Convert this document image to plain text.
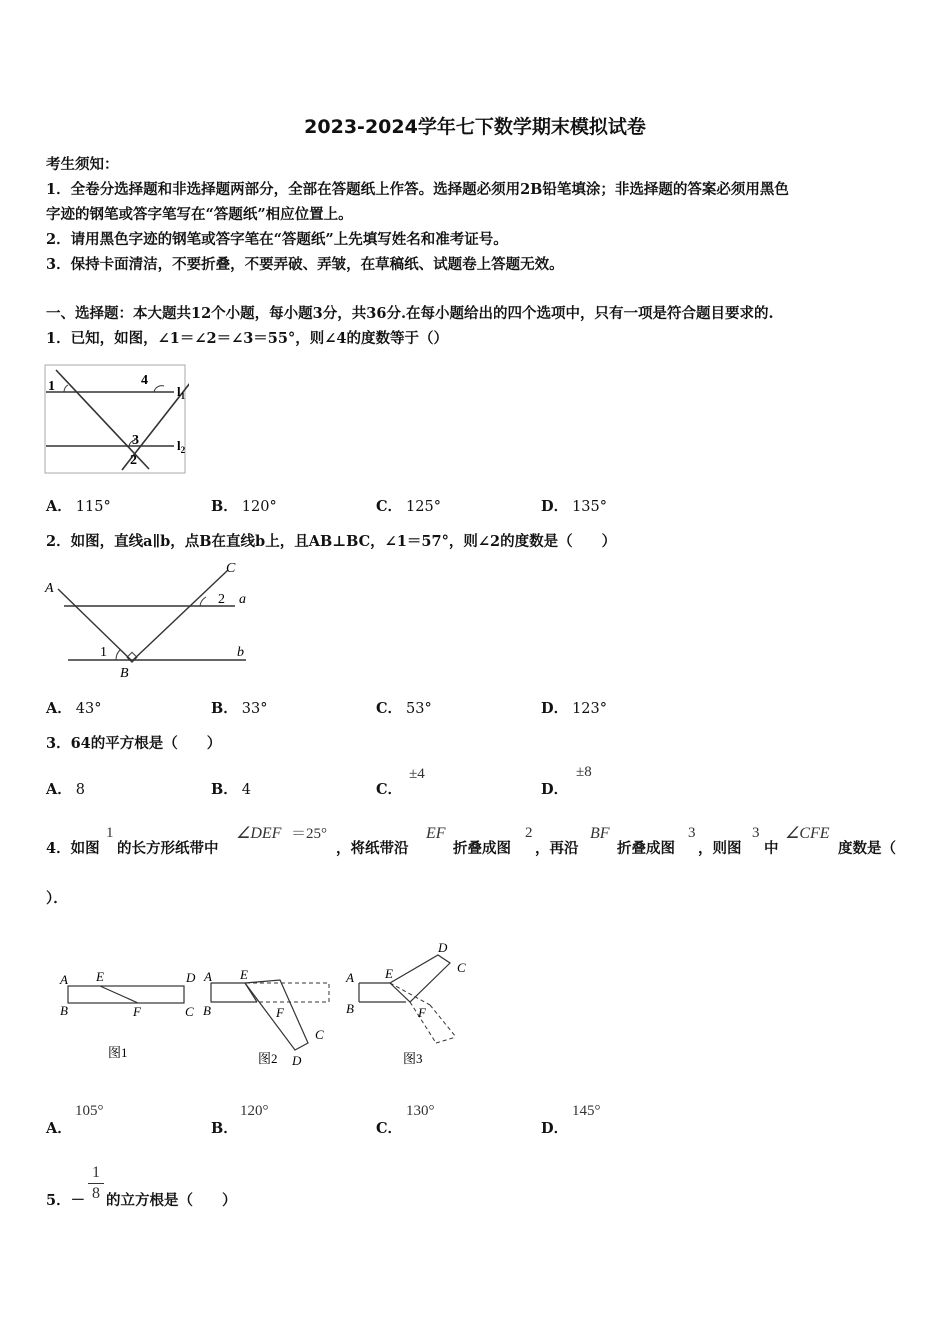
2023-2024学年七下数学期末模拟试卷
考生须知：
1．全卷分选择题和非选择题两部分，全部在答题纸上作答。选择题必须用2B铅笔填涂；非选择题的答案必须用黑色
字迹的钢笔或答字笔写在“答题纸”相应位置上。
2．请用黑色字迹的钢笔或答字笔在“答题纸”上先填写姓名和准考证号。
3．保持卡面清洁，不要折叠，不要弄破、弄皱，在草稿纸、试题卷上答题无效。
一、选择题：本大题共12个小题，每小题3分，共36分.在每小题给出的四个选项中，只有一项是符合题目要求的.
1．已知，如图，∠1＝∠2＝∠3＝55°，则∠4的度数等于（）
1	4
3
2
$l_1$
$l_2$
A． 115°	B． 120°	C． 125°	D． 135°
2．如图，直线a∥b，点B在直线b上，且AB⊥BC，∠1＝57°，则∠2的度数是（　　）
A
C
2 a
1	b
B
A． 43°	B． 33°	C． 53°	D． 123°
3．64的平方根是（　　）
A． 8	B． 4	C．
±4
D．
±8
4．如图
1
的长方形纸带中
∠DEF ＝25°
，将纸带沿
EF
折叠成图
2
，再沿
BF
折叠成图
3
，则图
3
中
∠CFE
度数是（
）．
A E	D
B	F	C
图1
A E
B	F
C
D
图2
A E
B	F
D
C
图3
A．
105°
B．
120°
C．
130°
D．
145°
5．－
1
8 的立方根是（　　）
